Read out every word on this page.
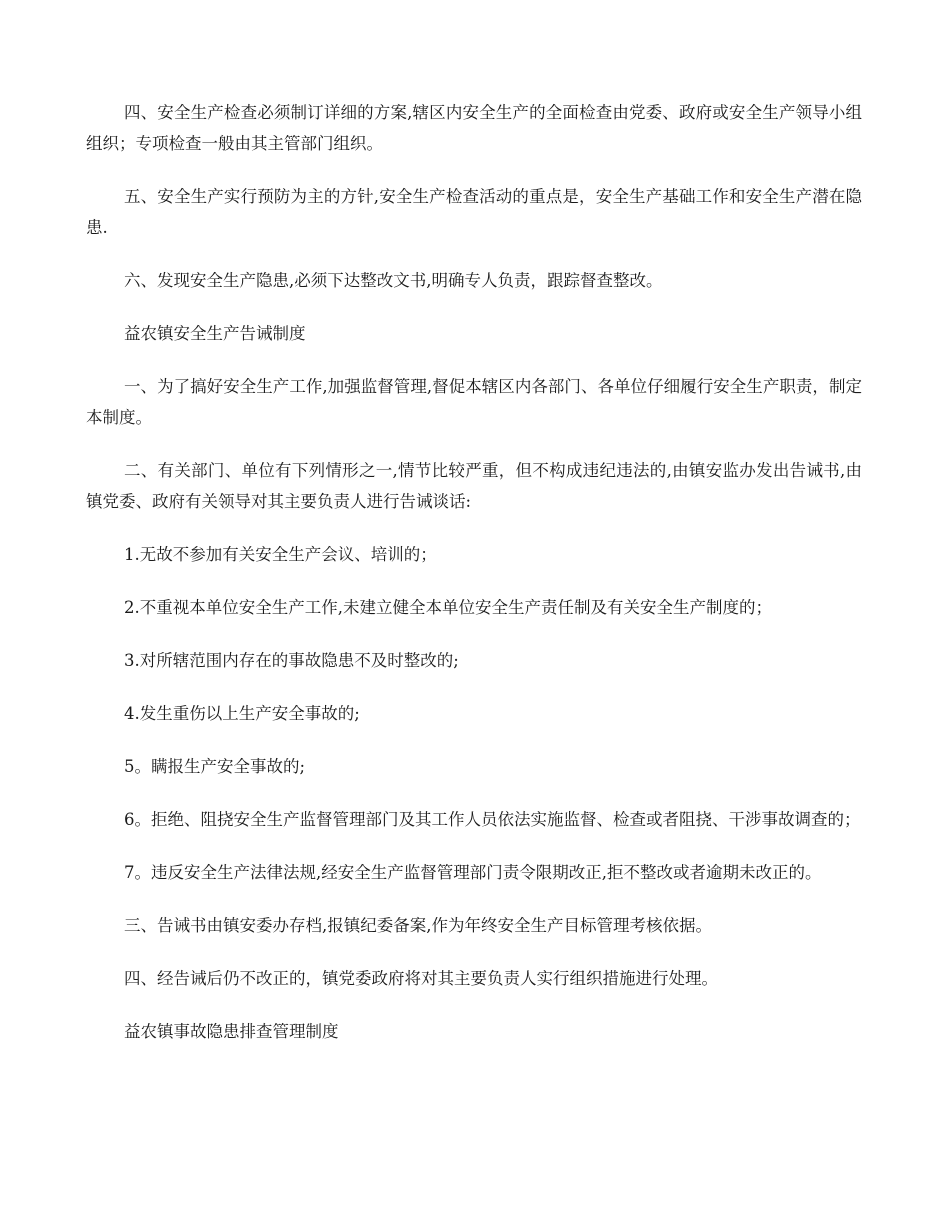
四、安全生产检查必须制订详细的方案,辖区内安全生产的全面检查由党委、政府或安全生产领导小组组织；专项检查一般由其主管部门组织。

五、安全生产实行预防为主的方针,安全生产检查活动的重点是，安全生产基础工作和安全生产潜在隐患.

六、发现安全生产隐患,必须下达整改文书,明确专人负责，跟踪督查整改。

益农镇安全生产告诫制度

一、为了搞好安全生产工作,加强监督管理,督促本辖区内各部门、各单位仔细履行安全生产职责，制定本制度。

二、有关部门、单位有下列情形之一,情节比较严重，但不构成违纪违法的,由镇安监办发出告诫书,由镇党委、政府有关领导对其主要负责人进行告诫谈话:

1.无故不参加有关安全生产会议、培训的；

2.不重视本单位安全生产工作,未建立健全本单位安全生产责任制及有关安全生产制度的；

3.对所辖范围内存在的事故隐患不及时整改的;

4.发生重伤以上生产安全事故的;

5。瞒报生产安全事故的;

6。拒绝、阻挠安全生产监督管理部门及其工作人员依法实施监督、检查或者阻挠、干涉事故调查的；

7。违反安全生产法律法规,经安全生产监督管理部门责令限期改正,拒不整改或者逾期未改正的。

三、告诫书由镇安委办存档,报镇纪委备案,作为年终安全生产目标管理考核依据。

四、经告诫后仍不改正的，镇党委政府将对其主要负责人实行组织措施进行处理。

益农镇事故隐患排查管理制度
